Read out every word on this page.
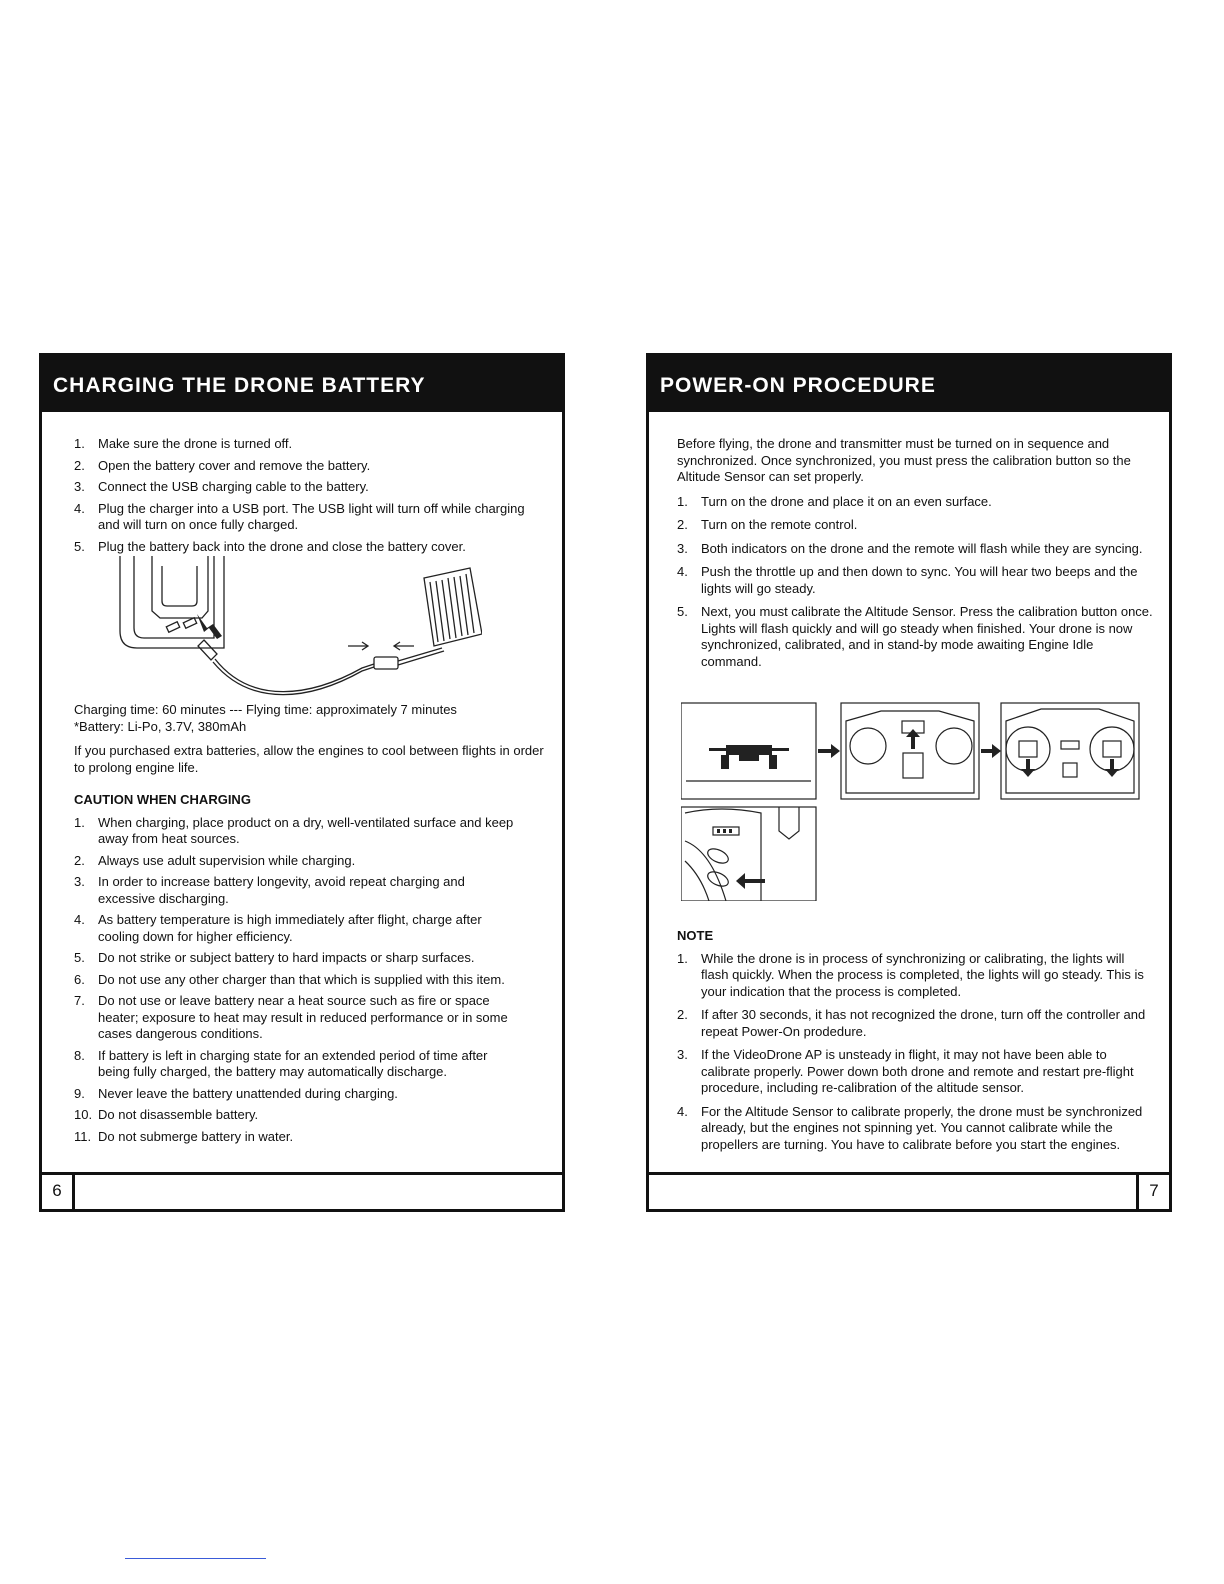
CHARGING THE DRONE BATTERY
1. Make sure the drone is turned off.
2. Open the battery cover and remove the battery.
3. Connect the USB charging cable to the battery.
4. Plug the charger into a USB port. The USB light will turn off while charging and will turn on once fully charged.
5. Plug the battery back into the drone and close the battery cover.
Charging time: 60 minutes --- Flying time: approximately 7 minutes

*Battery: Li-Po, 3.7V, 380mAh

If you purchased extra batteries, allow the engines to cool between flights in order to prolong engine life.

CAUTION WHEN CHARGING
1. When charging, place product on a dry, well-ventilated surface and keep away from heat sources.
2. Always use adult supervision while charging.
3. In order to increase battery longevity, avoid repeat charging and excessive discharging.
4. As battery temperature is high immediately after flight, charge after cooling down for higher efficiency.
5. Do not strike or subject battery to hard impacts or sharp surfaces.
6. Do not use any other charger than that which is supplied with this item.
7. Do not use or leave battery near a heat source such as fire or space heater; exposure to heat may result in reduced performance or in some cases dangerous conditions.
8. If battery is left in charging state for an extended period of time after being fully charged, the battery may automatically discharge.
9. Never leave the battery unattended during charging.
10. Do not disassemble battery.
11. Do not submerge battery in water.
6
POWER-ON PROCEDURE

Before flying, the drone and transmitter must be turned on in sequence and synchronized. Once synchronized, you must press the calibration button so the Altitude Sensor can set properly.

1. Turn on the drone and place it on an even surface.
2. Turn on the remote control.
3. Both indicators on the drone and the remote will flash while they are syncing.
4. Push the throttle up and then down to sync. You will hear two beeps and the lights will go steady.
5. Next, you must calibrate the Altitude Sensor. Press the calibration button once. Lights will flash quickly and will go steady when finished. Your drone is now synchronized, calibrated, and in stand-by mode awaiting Engine Idle command.
NOTE
1. While the drone is in process of synchronizing or calibrating, the lights will flash quickly. When the process is completed, the lights will go steady. This is your indication that the process is completed.
2. If after 30 seconds, it has not recognized the drone, turn off the controller and repeat Power-On prodedure.
3. If the VideoDrone AP is unsteady in flight, it may not have been able to calibrate properly. Power down both drone and remote and restart pre-flight procedure, including re-calibration of the altitude sensor.
4. For the Altitude Sensor to calibrate properly, the drone must be synchronized already, but the engines not spinning yet. You cannot calibrate while the propellers are turning. You have to calibrate before you start the engines.
7
